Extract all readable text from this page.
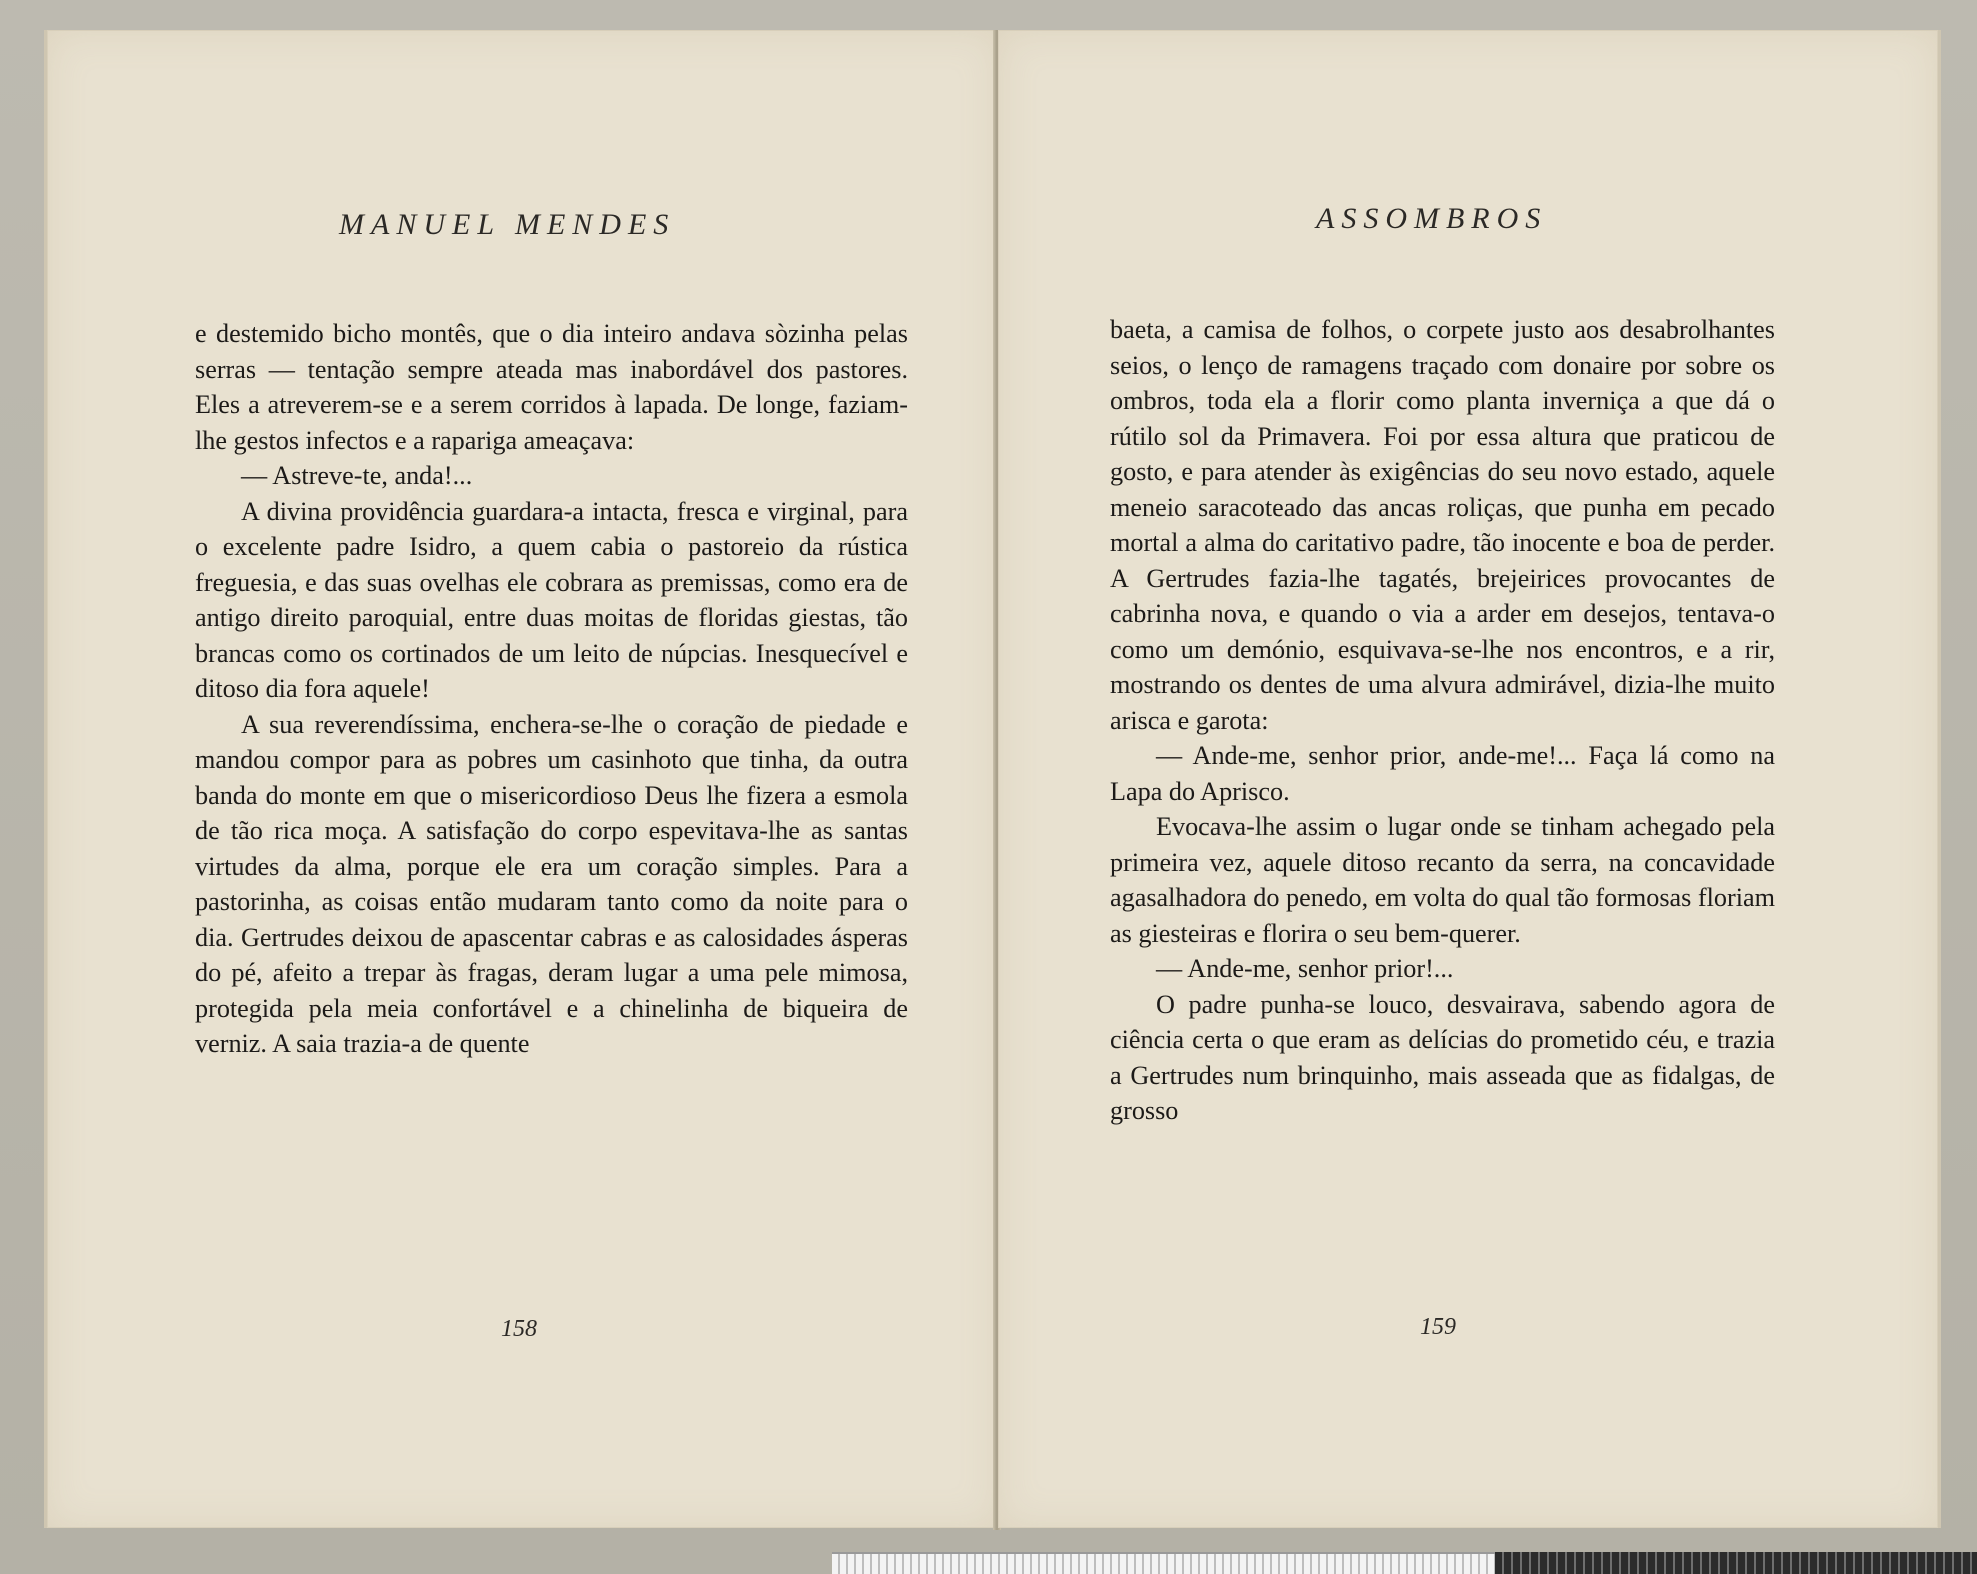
MANUEL MENDES

e destemido bicho montês, que o dia inteiro andava sòzinha pelas serras — tentação sempre ateada mas inabordável dos pastores. Eles a atreverem-se e a serem corridos à lapada. De longe, faziam-lhe gestos infectos e a rapariga ameaçava:

— Astreve-te, anda!...

A divina providência guardara-a intacta, fresca e virginal, para o excelente padre Isidro, a quem cabia o pastoreio da rústica freguesia, e das suas ovelhas ele cobrara as premissas, como era de antigo direito paroquial, entre duas moitas de floridas giestas, tão brancas como os cortinados de um leito de núpcias. Inesquecível e ditoso dia fora aquele!

A sua reverendíssima, enchera-se-lhe o coração de piedade e mandou compor para as pobres um casinhoto que tinha, da outra banda do monte em que o misericordioso Deus lhe fizera a esmola de tão rica moça. A satisfação do corpo espevitava-lhe as santas virtudes da alma, porque ele era um coração simples. Para a pastorinha, as coisas então mudaram tanto como da noite para o dia. Gertrudes deixou de apascentar cabras e as calosidades ásperas do pé, afeito a trepar às fragas, deram lugar a uma pele mimosa, protegida pela meia confortável e a chinelinha de biqueira de verniz. A saia trazia-a de quente

158
ASSOMBROS

baeta, a camisa de folhos, o corpete justo aos desabrolhantes seios, o lenço de ramagens traçado com donaire por sobre os ombros, toda ela a florir como planta inverniça a que dá o rútilo sol da Primavera. Foi por essa altura que praticou de gosto, e para atender às exigências do seu novo estado, aquele meneio saracoteado das ancas roliças, que punha em pecado mortal a alma do caritativo padre, tão inocente e boa de perder. A Gertrudes fazia-lhe tagatés, brejeirices provocantes de cabrinha nova, e quando o via a arder em desejos, tentava-o como um demónio, esquivava-se-lhe nos encontros, e a rir, mostrando os dentes de uma alvura admirável, dizia-lhe muito arisca e garota:

— Ande-me, senhor prior, ande-me!... Faça lá como na Lapa do Aprisco.

Evocava-lhe assim o lugar onde se tinham achegado pela primeira vez, aquele ditoso recanto da serra, na concavidade agasalhadora do penedo, em volta do qual tão formosas floriam as giesteiras e florira o seu bem-querer.

— Ande-me, senhor prior!...

O padre punha-se louco, desvairava, sabendo agora de ciência certa o que eram as delícias do prometido céu, e trazia a Gertrudes num brinquinho, mais asseada que as fidalgas, de grosso

159
